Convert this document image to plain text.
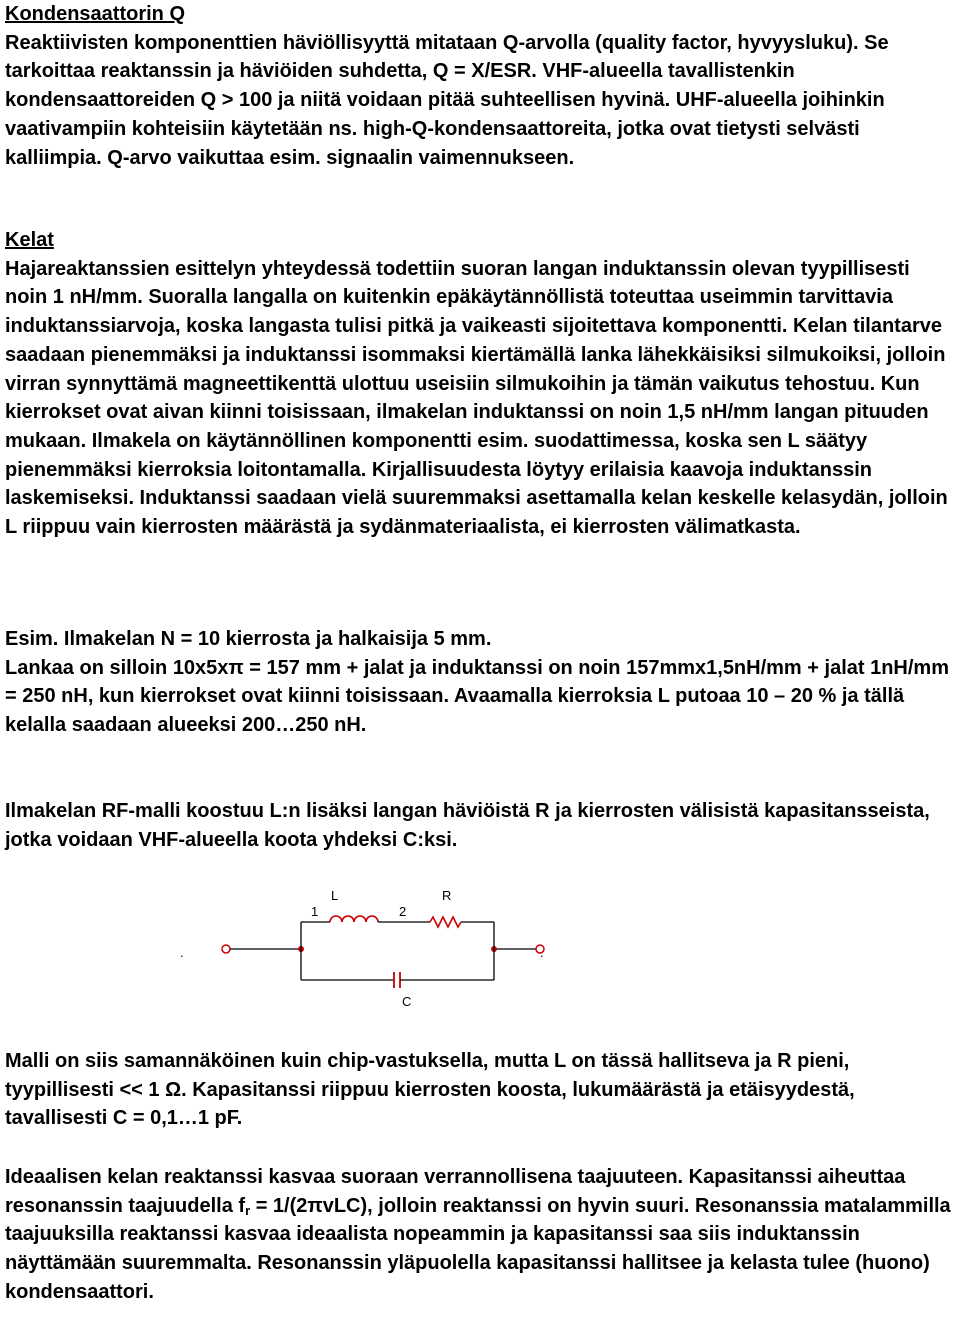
Kondensaattorin Q
Reaktiivisten komponenttien häviöllisyyttä mitataan Q-arvolla (quality factor, hyvyysluku). Se tarkoittaa reaktanssin ja häviöiden suhdetta, Q = X/ESR. VHF-alueella tavallistenkin kondensaattoreiden Q > 100 ja niitä voidaan pitää suhteellisen hyvinä. UHF-alueella joihinkin vaativampiin kohteisiin käytetään ns. high-Q-kondensaattoreita, jotka ovat tietysti selvästi kalliimpia. Q-arvo vaikuttaa esim. signaalin vaimennukseen.
Kelat
Hajareaktanssien esittelyn yhteydessä todettiin suoran langan induktanssin olevan tyypillisesti noin 1 nH/mm. Suoralla langalla on kuitenkin epäkäytännöllistä toteuttaa useimmin tarvittavia induktanssiarvoja, koska langasta tulisi pitkä ja vaikeasti sijoitettava komponentti. Kelan tilantarve saadaan pienemmäksi ja induktanssi isommaksi kiertämällä lanka lähekkäisiksi silmukoiksi, jolloin virran synnyttämä magneettikenttä ulottuu useisiin silmukoihin ja tämän vaikutus tehostuu. Kun kierrokset ovat aivan kiinni toisissaan, ilmakelan induktanssi on noin 1,5 nH/mm langan pituuden mukaan. Ilmakela on käytännöllinen komponentti esim. suodattimessa, koska sen L säätyy pienemmäksi kierroksia loitontamalla. Kirjallisuudesta löytyy erilaisia kaavoja induktanssin laskemiseksi. Induktanssi saadaan vielä suuremmaksi asettamalla kelan keskelle kelasydän, jolloin L riippuu vain kierrosten määrästä ja sydänmateriaalista, ei kierrosten välimatkasta.
Esim. Ilmakelan N = 10 kierrosta ja halkaisija 5 mm.
Lankaa on silloin 10x5xπ = 157 mm + jalat ja induktanssi on noin 157mmx1,5nH/mm + jalat 1nH/mm = 250 nH, kun kierrokset ovat kiinni toisissaan. Avaamalla kierroksia L putoaa 10 – 20 % ja tällä kelalla saadaan alueeksi 200…250 nH.
Ilmakelan RF-malli koostuu L:n lisäksi langan häviöistä R ja kierrosten välisistä kapasitansseista, jotka voidaan VHF-alueella koota yhdeksi C:ksi.
.	.
L	R
1	2
C
Malli on siis samannäköinen kuin chip-vastuksella, mutta L on tässä hallitseva ja R pieni, tyypillisesti << 1 Ω. Kapasitanssi riippuu kierrosten koosta, lukumäärästä ja etäisyydestä, tavallisesti C = 0,1…1 pF.
Ideaalisen kelan reaktanssi kasvaa suoraan verrannollisena taajuuteen. Kapasitanssi aiheuttaa resonanssin taajuudella $f_r = 1/(2\pi vLC)$, jolloin reaktanssi on hyvin suuri. Resonanssia matalammilla taajuuksilla reaktanssi kasvaa ideaalista nopeammin ja kapasitanssi saa siis induktanssin näyttämään suuremmalta. Resonanssin yläpuolella kapasitanssi hallitsee ja kelasta tulee (huono) kondensaattori.
